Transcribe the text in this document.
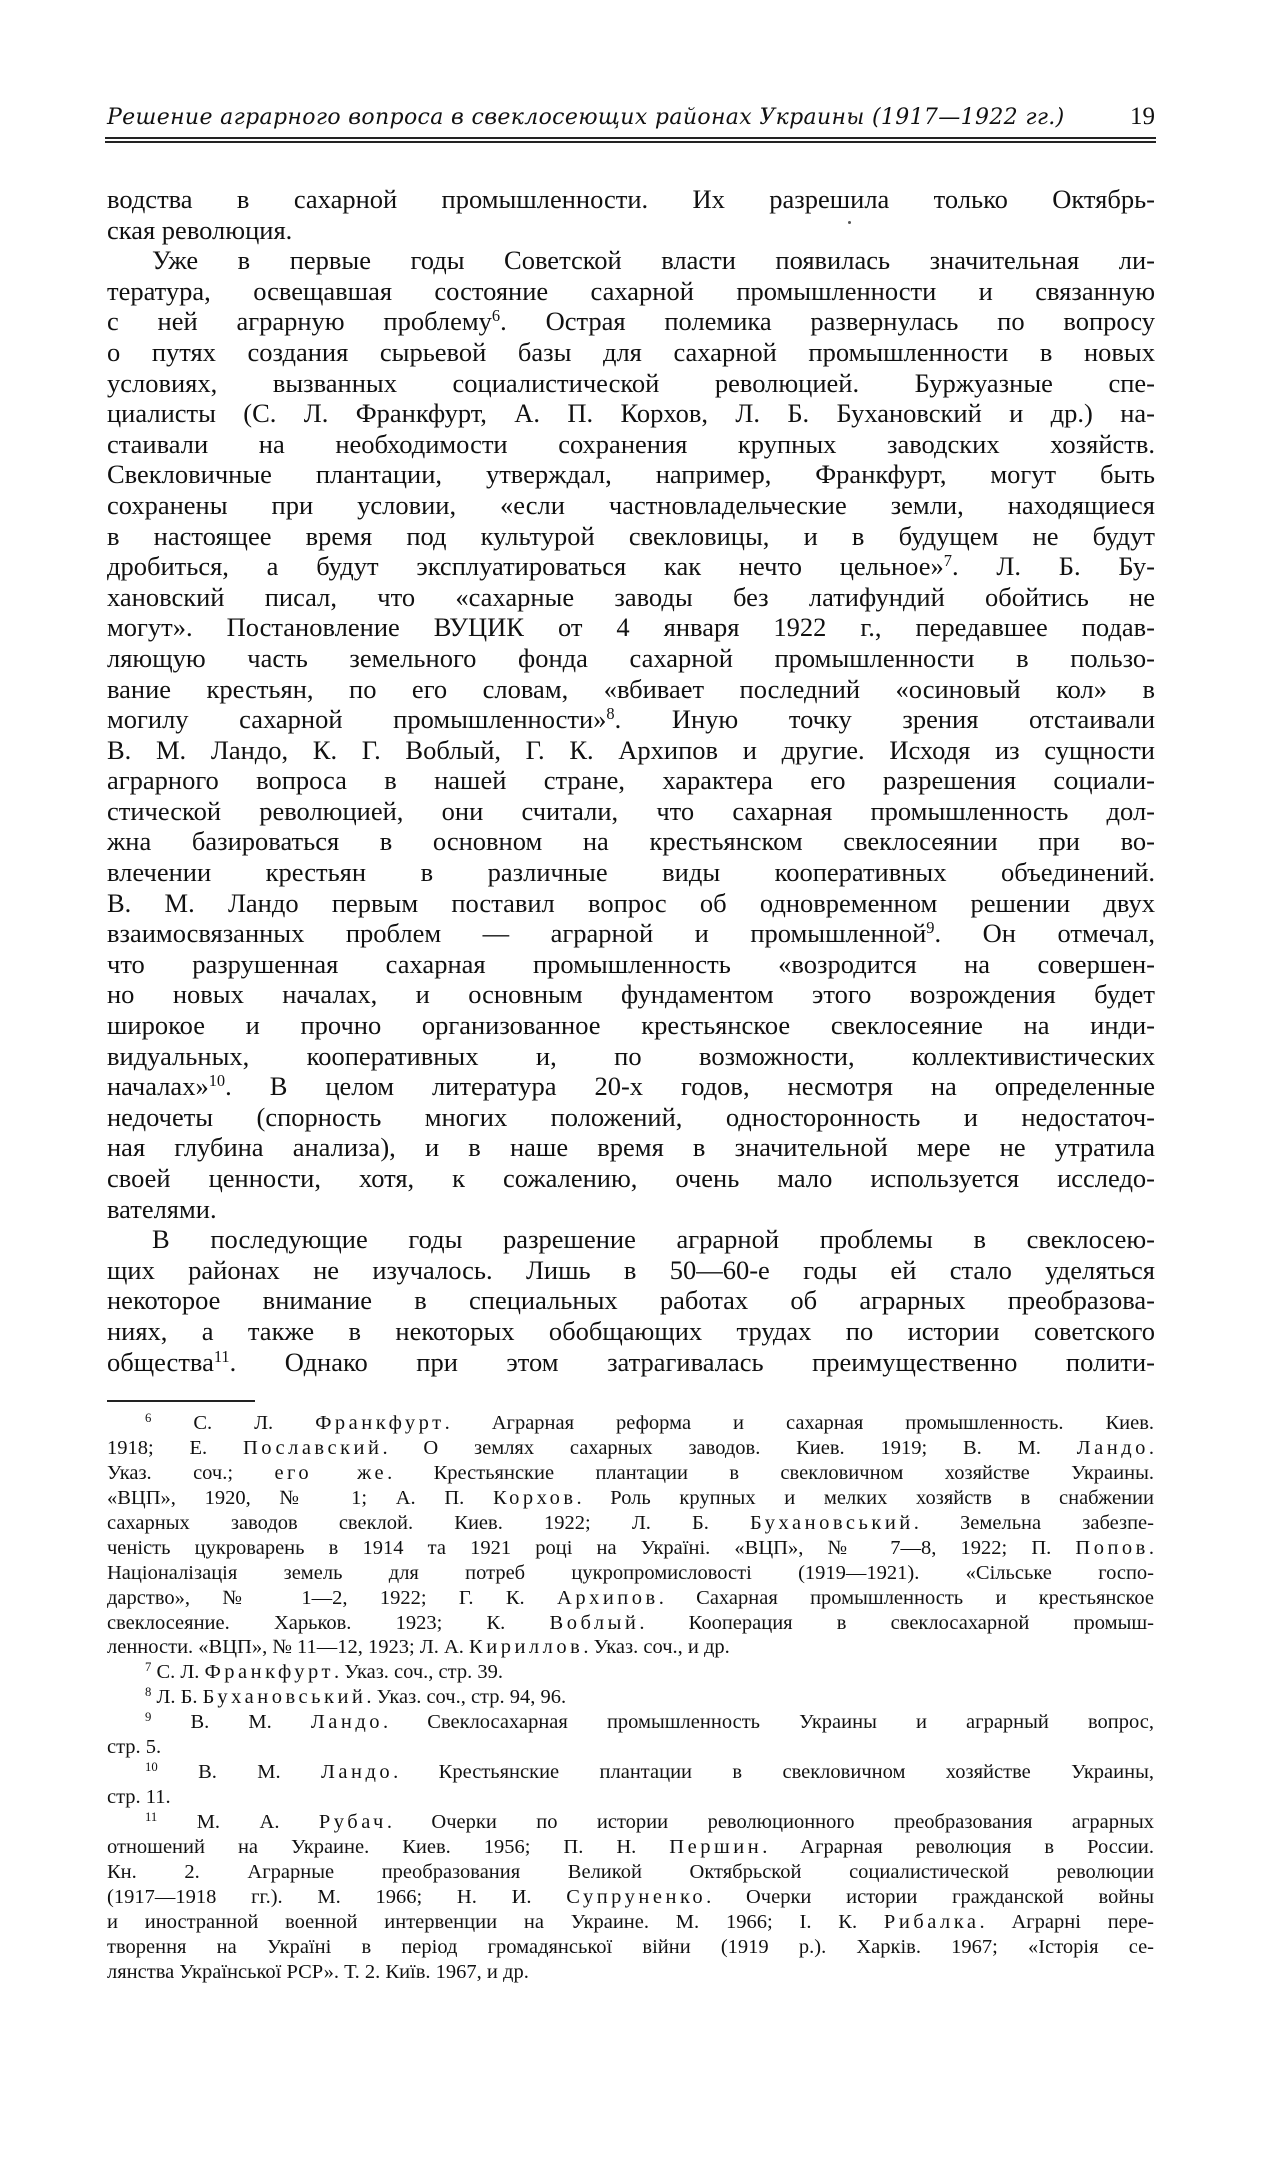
Решение аграрного вопроса в свеклосеющих районах Украины (1917—1922 гг.)	19
водства в сахарной промышленности. Их разрешила только Октябрь-
ская революция.
Уже в первые годы Советской власти появилась значительная ли-
тература, освещавшая состояние сахарной промышленности и связанную
с ней аграрную проблему$^6$. Острая полемика развернулась по вопросу
о путях создания сырьевой базы для сахарной промышленности в новых
условиях, вызванных социалистической революцией. Буржуазные спе-
циалисты (С. Л. Франкфурт, А. П. Корхов, Л. Б. Бухановский и др.) на-
стаивали на необходимости сохранения крупных заводских хозяйств.
Свекловичные плантации, утверждал, например, Франкфурт, могут быть
сохранены при условии, «если частновладельческие земли, находящиеся
в настоящее время под культурой свекловицы, и в будущем не будут
дробиться, а будут эксплуатироваться как нечто цельное»$^7$. Л. Б. Бу-
хановский писал, что «сахарные заводы без латифундий обойтись не
могут». Постановление ВУЦИК от 4 января 1922 г., передавшее подав-
ляющую часть земельного фонда сахарной промышленности в пользо-
вание крестьян, по его словам, «вбивает последний «осиновый кол» в
могилу сахарной промышленности»$^8$. Иную точку зрения отстаивали
В. М. Ландо, К. Г. Воблый, Г. К. Архипов и другие. Исходя из сущности
аграрного вопроса в нашей стране, характера его разрешения социали-
стической революцией, они считали, что сахарная промышленность дол-
жна базироваться в основном на крестьянском свеклосеянии при во-
влечении крестьян в различные виды кооперативных объединений.
В. М. Ландо первым поставил вопрос об одновременном решении двух
взаимосвязанных проблем — аграрной и промышленной$^9$. Он отмечал,
что разрушенная сахарная промышленность «возродится на совершен-
но новых началах, и основным фундаментом этого возрождения будет
широкое и прочно организованное крестьянское свеклосеяние на инди-
видуальных, кооперативных и, по возможности, коллективистических
началах»$^{10}$. В целом литература 20-х годов, несмотря на определенные
недочеты (спорность многих положений, односторонность и недостаточ-
ная глубина анализа), и в наше время в значительной мере не утратила
своей ценности, хотя, к сожалению, очень мало используется исследо-
вателями.
В последующие годы разрешение аграрной проблемы в свеклосею-
щих районах не изучалось. Лишь в 50—60-е годы ей стало уделяться
некоторое внимание в специальных работах об аграрных преобразова-
ниях, а также в некоторых обобщающих трудах по истории советского
общества$^{11}$. Однако при этом затрагивалась преимущественно полити-
$^6$ С. Л. Франкфурт. Аграрная реформа и сахарная промышленность. Киев.
1918; Е. Пославский. О землях сахарных заводов. Киев. 1919; В. М. Ландо.
Указ. соч.; его же. Крестьянские плантации в свекловичном хозяйстве Украины.
«ВЦП», 1920, № 1; А. П. Корхов. Роль крупных и мелких хозяйств в снабжении
сахарных заводов свеклой. Киев. 1922; Л. Б. Бухановський. Земельна забезпе-
ченість цукроварень в 1914 та 1921 році на Україні. «ВЦП», № 7—8, 1922; П. Попов.
Націоналізація земель для потреб цукропромисловості (1919—1921). «Сільське госпо-
дарство», № 1—2, 1922; Г. К. Архипов. Сахарная промышленность и крестьянское
свеклосеяние. Харьков. 1923; К. Воблый. Кооперация в свеклосахарной промыш-
ленности. «ВЦП», № 11—12, 1923; Л. А. Кириллов. Указ. соч., и др.
$^7$ С. Л. Франкфурт. Указ. соч., стр. 39.
$^8$ Л. Б. Бухановський. Указ. соч., стр. 94, 96.
$^9$ В. М. Ландо. Свеклосахарная промышленность Украины и аграрный вопрос,
стр. 5.
$^{10}$ В. М. Ландо. Крестьянские плантации в свекловичном хозяйстве Украины,
стр. 11.
$^{11}$ М. А. Рубач. Очерки по истории революционного преобразования аграрных
отношений на Украине. Киев. 1956; П. Н. Першин. Аграрная революция в России.
Кн. 2. Аграрные преобразования Великой Октябрьской социалистической революции
(1917—1918 гг.). М. 1966; Н. И. Супруненко. Очерки истории гражданской войны
и иностранной военной интервенции на Украине. М. 1966; І. К. Рибалка. Аграрні пере-
творення на Україні в період громадянської війни (1919 р.). Харків. 1967; «Історія се-
лянства Української РСР». Т. 2. Київ. 1967, и др.
